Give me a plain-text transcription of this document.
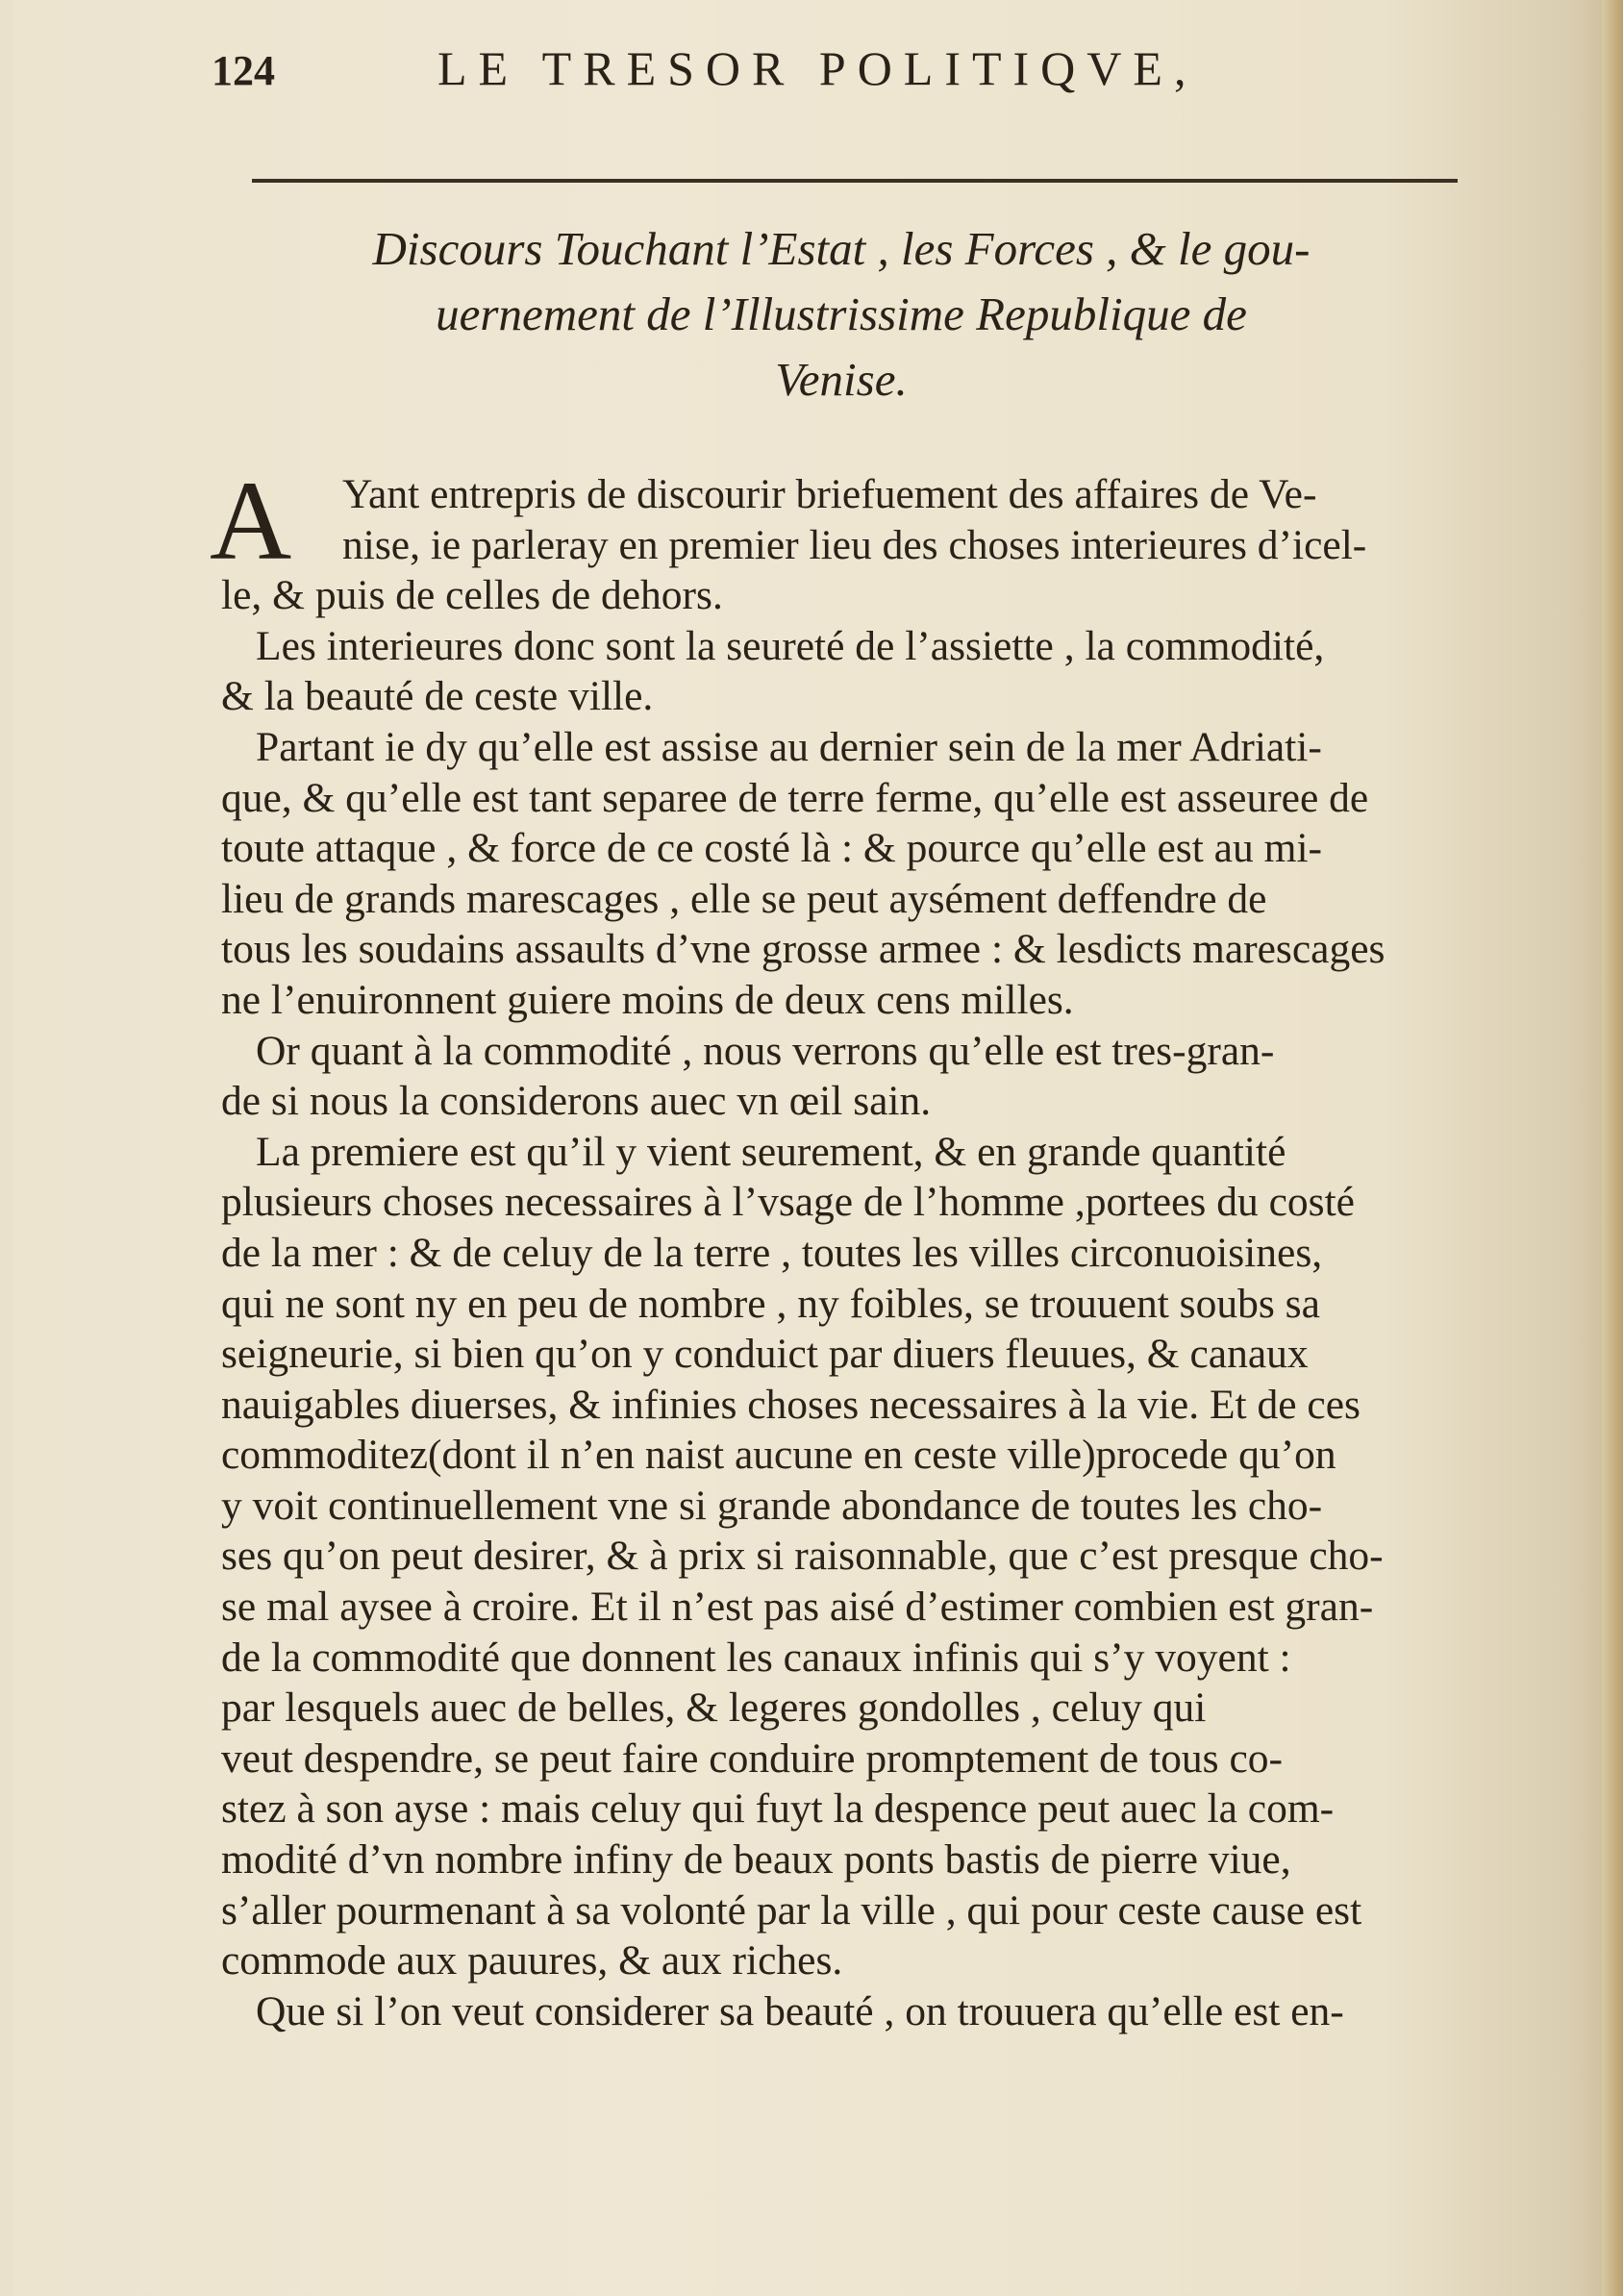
124	LE TRESOR POLITIQVE,
Discours Touchant l’Estat , les Forces , & le gou-
uernement de l’Illustrissime Republique de
Venise.
A	Yant entrepris de discourir briefuement des affaires de Ve-
nise, ie parleray en premier lieu des choses interieures d’icel-
le, & puis de celles de dehors.
Les interieures donc sont la seureté de l’assiette , la commodité,
& la beauté de ceste ville.
Partant ie dy qu’elle est assise au dernier sein de la mer Adriati-
que, & qu’elle est tant separee de terre ferme, qu’elle est asseuree de
toute attaque , & force de ce costé là : & pource qu’elle est au mi-
lieu de grands marescages , elle se peut aysément deffendre de
tous les soudains assaults d’vne grosse armee : & lesdicts marescages
ne l’enuironnent guiere moins de deux cens milles.
Or quant à la commodité , nous verrons qu’elle est tres-gran-
de si nous la considerons auec vn œil sain.
La premiere est qu’il y vient seurement, & en grande quantité
plusieurs choses necessaires à l’vsage de l’homme ,portees du costé
de la mer : & de celuy de la terre , toutes les villes circonuoisines,
qui ne sont ny en peu de nombre , ny foibles, se trouuent soubs sa
seigneurie, si bien qu’on y conduict par diuers fleuues, & canaux
nauigables diuerses, & infinies choses necessaires à la vie. Et de ces
commoditez(dont il n’en naist aucune en ceste ville)procede qu’on
y voit continuellement vne si grande abondance de toutes les cho-
ses qu’on peut desirer, & à prix si raisonnable, que c’est presque cho-
se mal aysee à croire. Et il n’est pas aisé d’estimer combien est gran-
de la commodité que donnent les canaux infinis qui s’y voyent :
par lesquels auec de belles, & legeres gondolles , celuy qui
veut despendre, se peut faire conduire promptement de tous co-
stez à son ayse : mais celuy qui fuyt la despence peut auec la com-
modité d’vn nombre infiny de beaux ponts bastis de pierre viue,
s’aller pourmenant à sa volonté par la ville , qui pour ceste cause est
commode aux pauures, & aux riches.
Que si l’on veut considerer sa beauté , on trouuera qu’elle est en-
